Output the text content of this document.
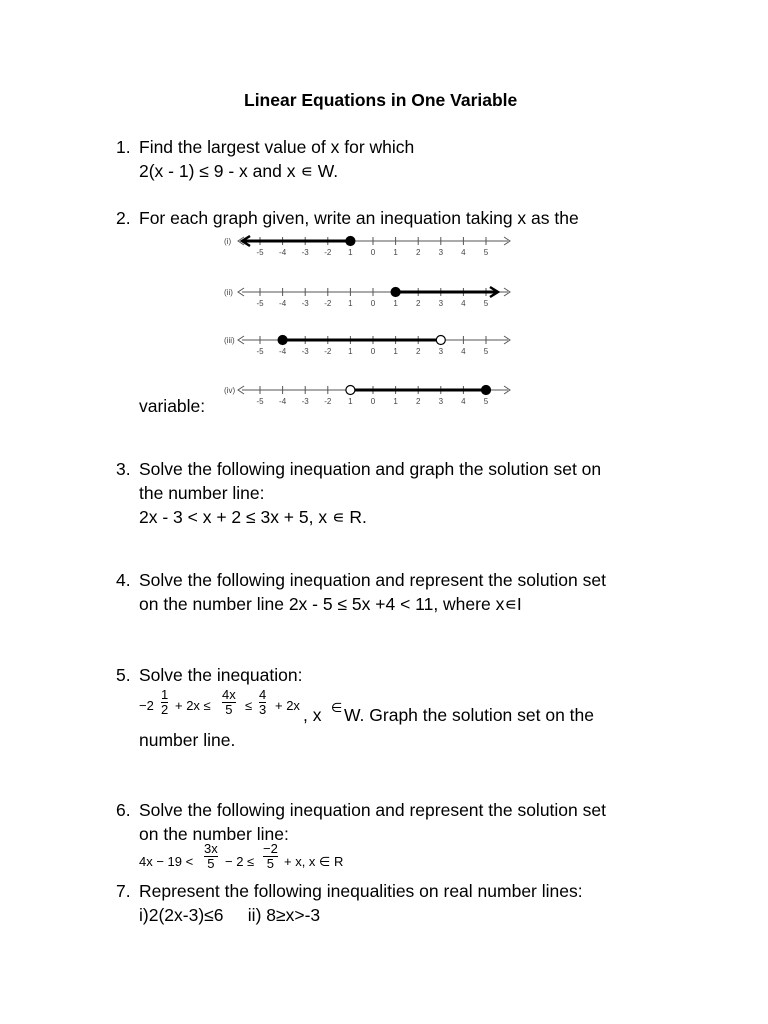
Linear Equations in One Variable
1. Find the largest value of x for which
2(x - 1) ≤ 9 - x and x ∊ W.
2. For each graph given, write an inequation taking x as the
variable:
(i)
-5 -4 -3 -2 1 0 1 2 3 4 5
(ii)
-5 -4 -3 -2 1 0 1 2 3 4 5
(iii)
-5 -4 -3 -2 1 0 1 2 3 4 5
(iv)
-5 -4 -3 -2 1 0 1 2 3 4 5
3. Solve the following inequation and graph the solution set on
the number line:
2x - 3 < x + 2 ≤ 3x + 5, x ∊ R.
4. Solve the following inequation and represent the solution set
on the number line 2x - 5 ≤ 5x +4 < 11, where x∊I
5. Solve the inequation:
−2
1
2 + 2x ≤
4x
5 ≤
4
3 + 2x , x ∈ W. Graph the solution set on the
number line.
6. Solve the following inequation and represent the solution set
on the number line:
4x − 19 <
3x
5 − 2 ≤
−2
5 + x, x ∈ R
7. Represent the following inequalities on real number lines:
i)2(2x-3)≤6     ii) 8≥x>-3
